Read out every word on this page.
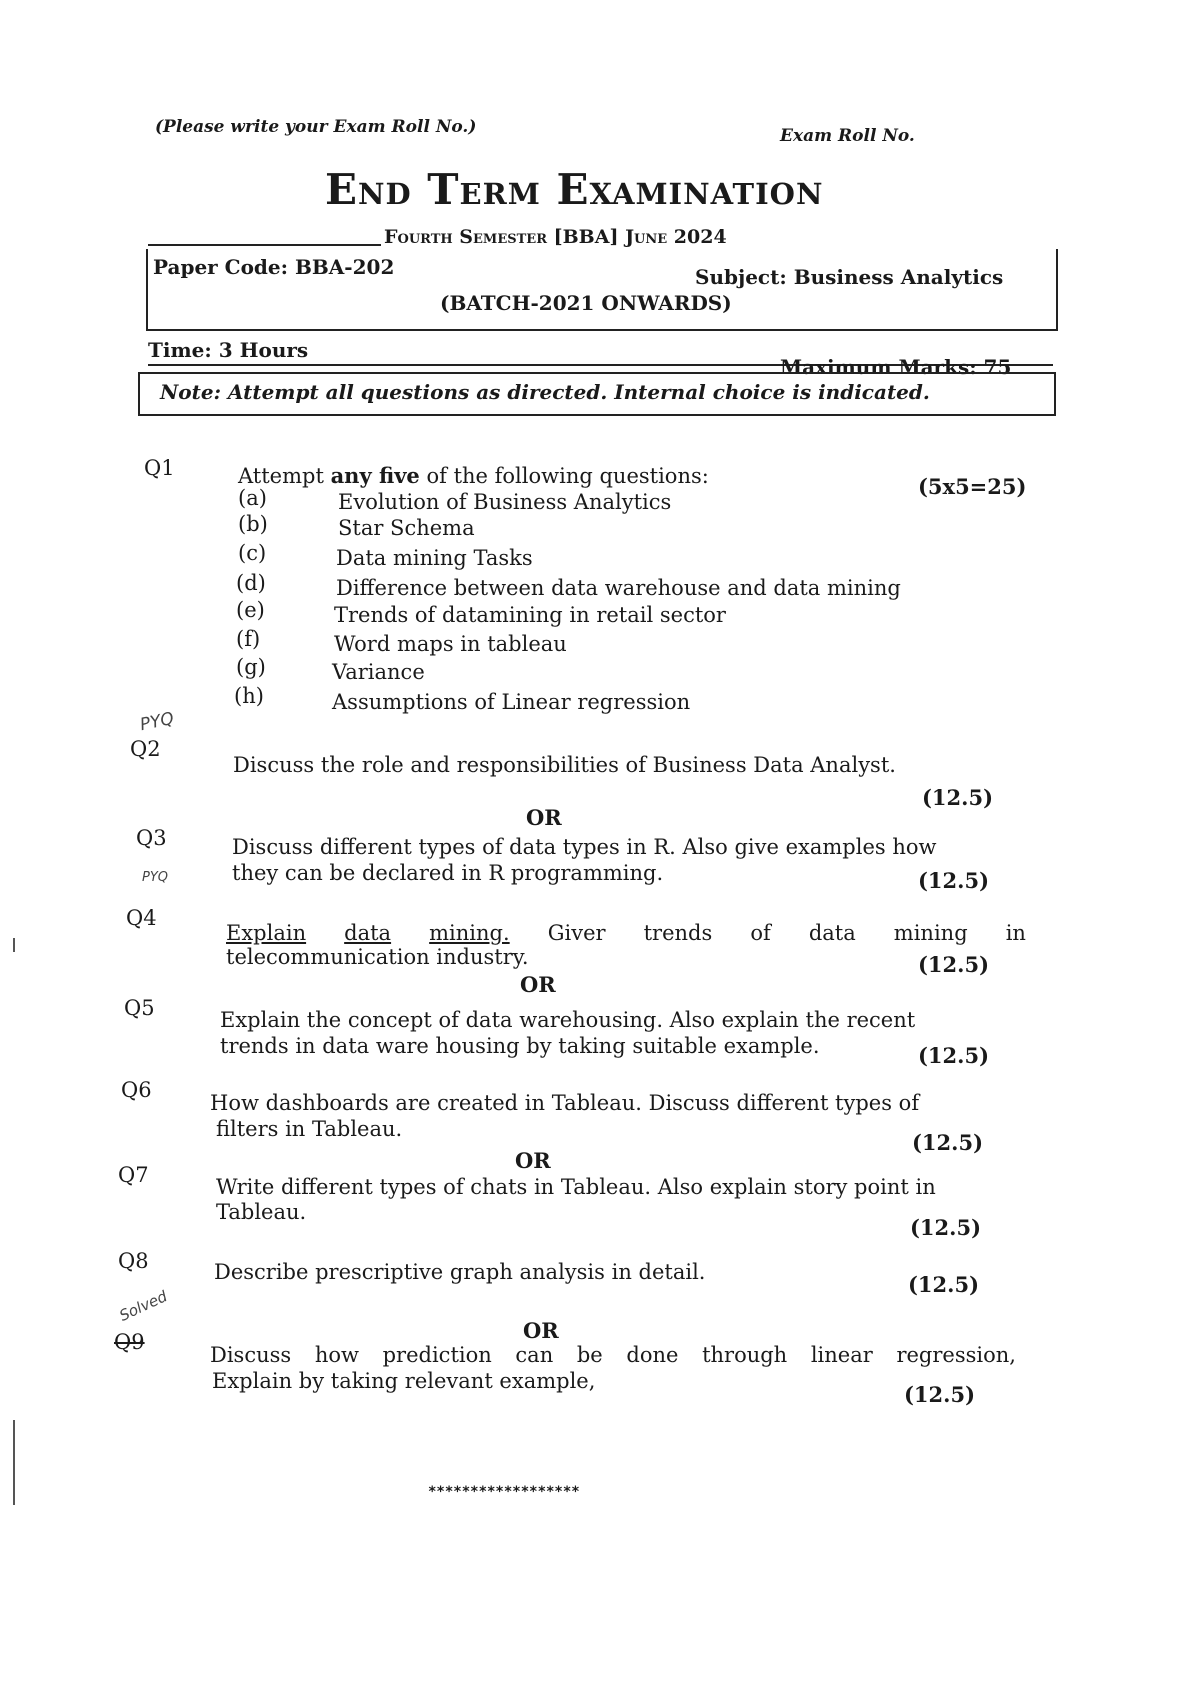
(Please write your Exam Roll No.)	Exam Roll No.
End Term Examination
Fourth Semester [BBA] June 2024
Paper Code: BBA-202	Subject: Business Analytics
(BATCH-2021 ONWARDS)
Time: 3 Hours
Maximum Marks: 75
Note: Attempt all questions as directed. Internal choice is indicated.
Q1	Attempt any five of the following questions:	(5x5=25)
(a)	Evolution of Business Analytics
(b)	Star Schema
(c)	Data mining Tasks
(d)	Difference between data warehouse and data mining
(e)	Trends of datamining in retail sector
(f)	Word maps in tableau
(g)	Variance
(h)	Assumptions of Linear regression
PYQ
PYQ
Solved
Q2
Discuss the role and responsibilities of Business Data Analyst.
(12.5)
OR
Q3	Discuss different types of data types in R. Also give examples how
they can be declared in R programming.	(12.5)
Q4
Explain data mining. Giver trends of data mining in
telecommunication industry.	(12.5)
OR
Q5	Explain the concept of data warehousing. Also explain the recent
trends in data ware housing by taking suitable example.	(12.5)
Q6
How dashboards are created in Tableau. Discuss different types of
filters in Tableau.
(12.5)
OR
Q7	Write different types of chats in Tableau. Also explain story point in
Tableau.
(12.5)
Q8	Describe prescriptive graph analysis in detail.	(12.5)
OR
Q9
Discuss how prediction can be done through linear regression,
Explain by taking relevant example,
(12.5)
******************
